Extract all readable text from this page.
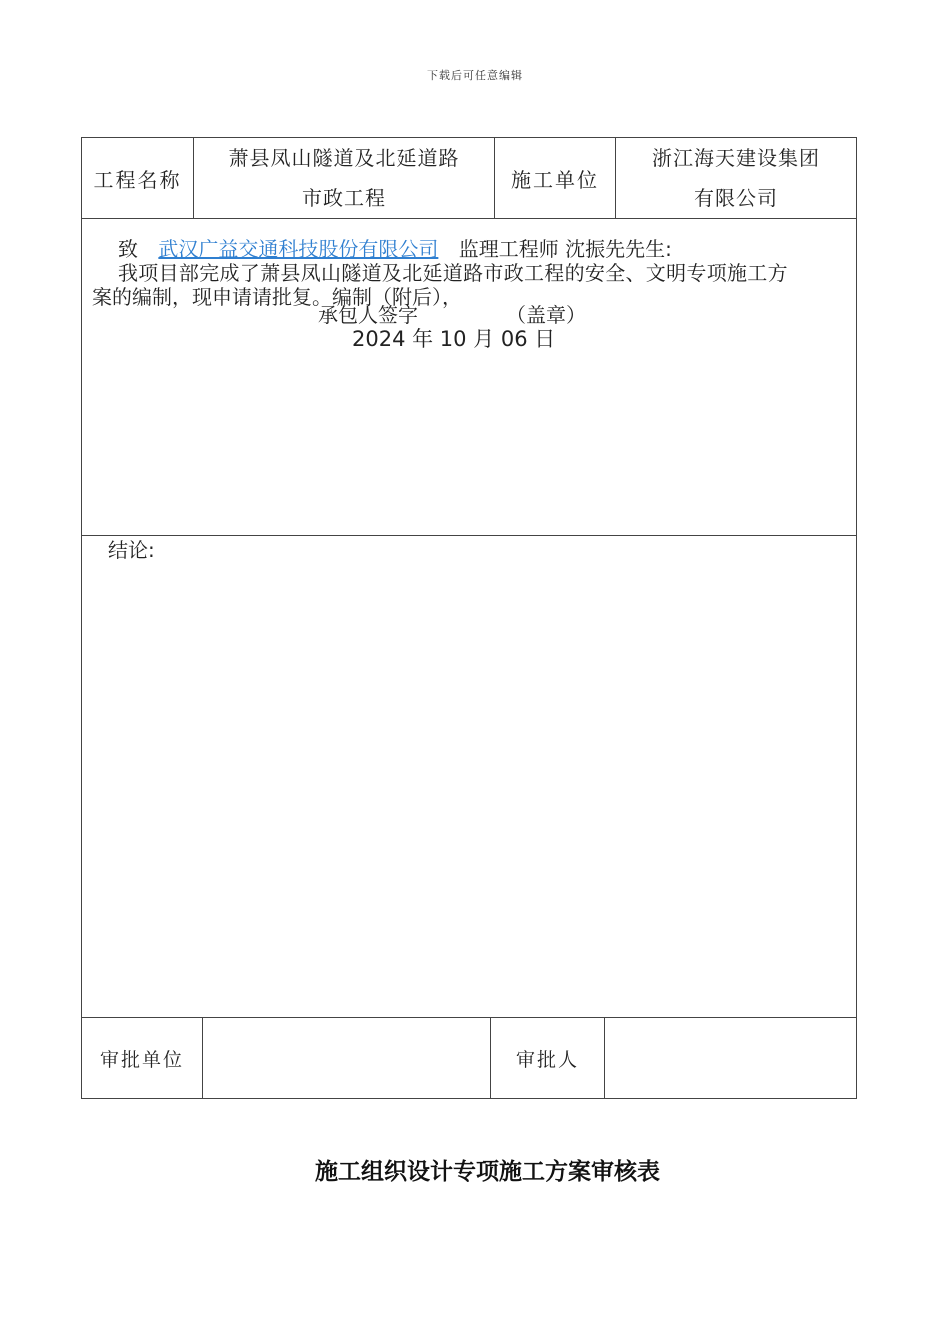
下载后可任意编辑
工程名称
萧县凤山隧道及北延道路
市政工程
施工单位
浙江海天建设集团
有限公司
致 武汉广益交通科技股份有限公司 监理工程师 沈振先先生:
我项目部完成了萧县凤山隧道及北延道路市政工程的安全、文明专项施工方
案的编制，现申请请批复。编制（附后），
承包人签字	（盖章）
2024 年 10 月 06 日
结论:
审批单位	审批人
施工组织设计专项施工方案审核表
